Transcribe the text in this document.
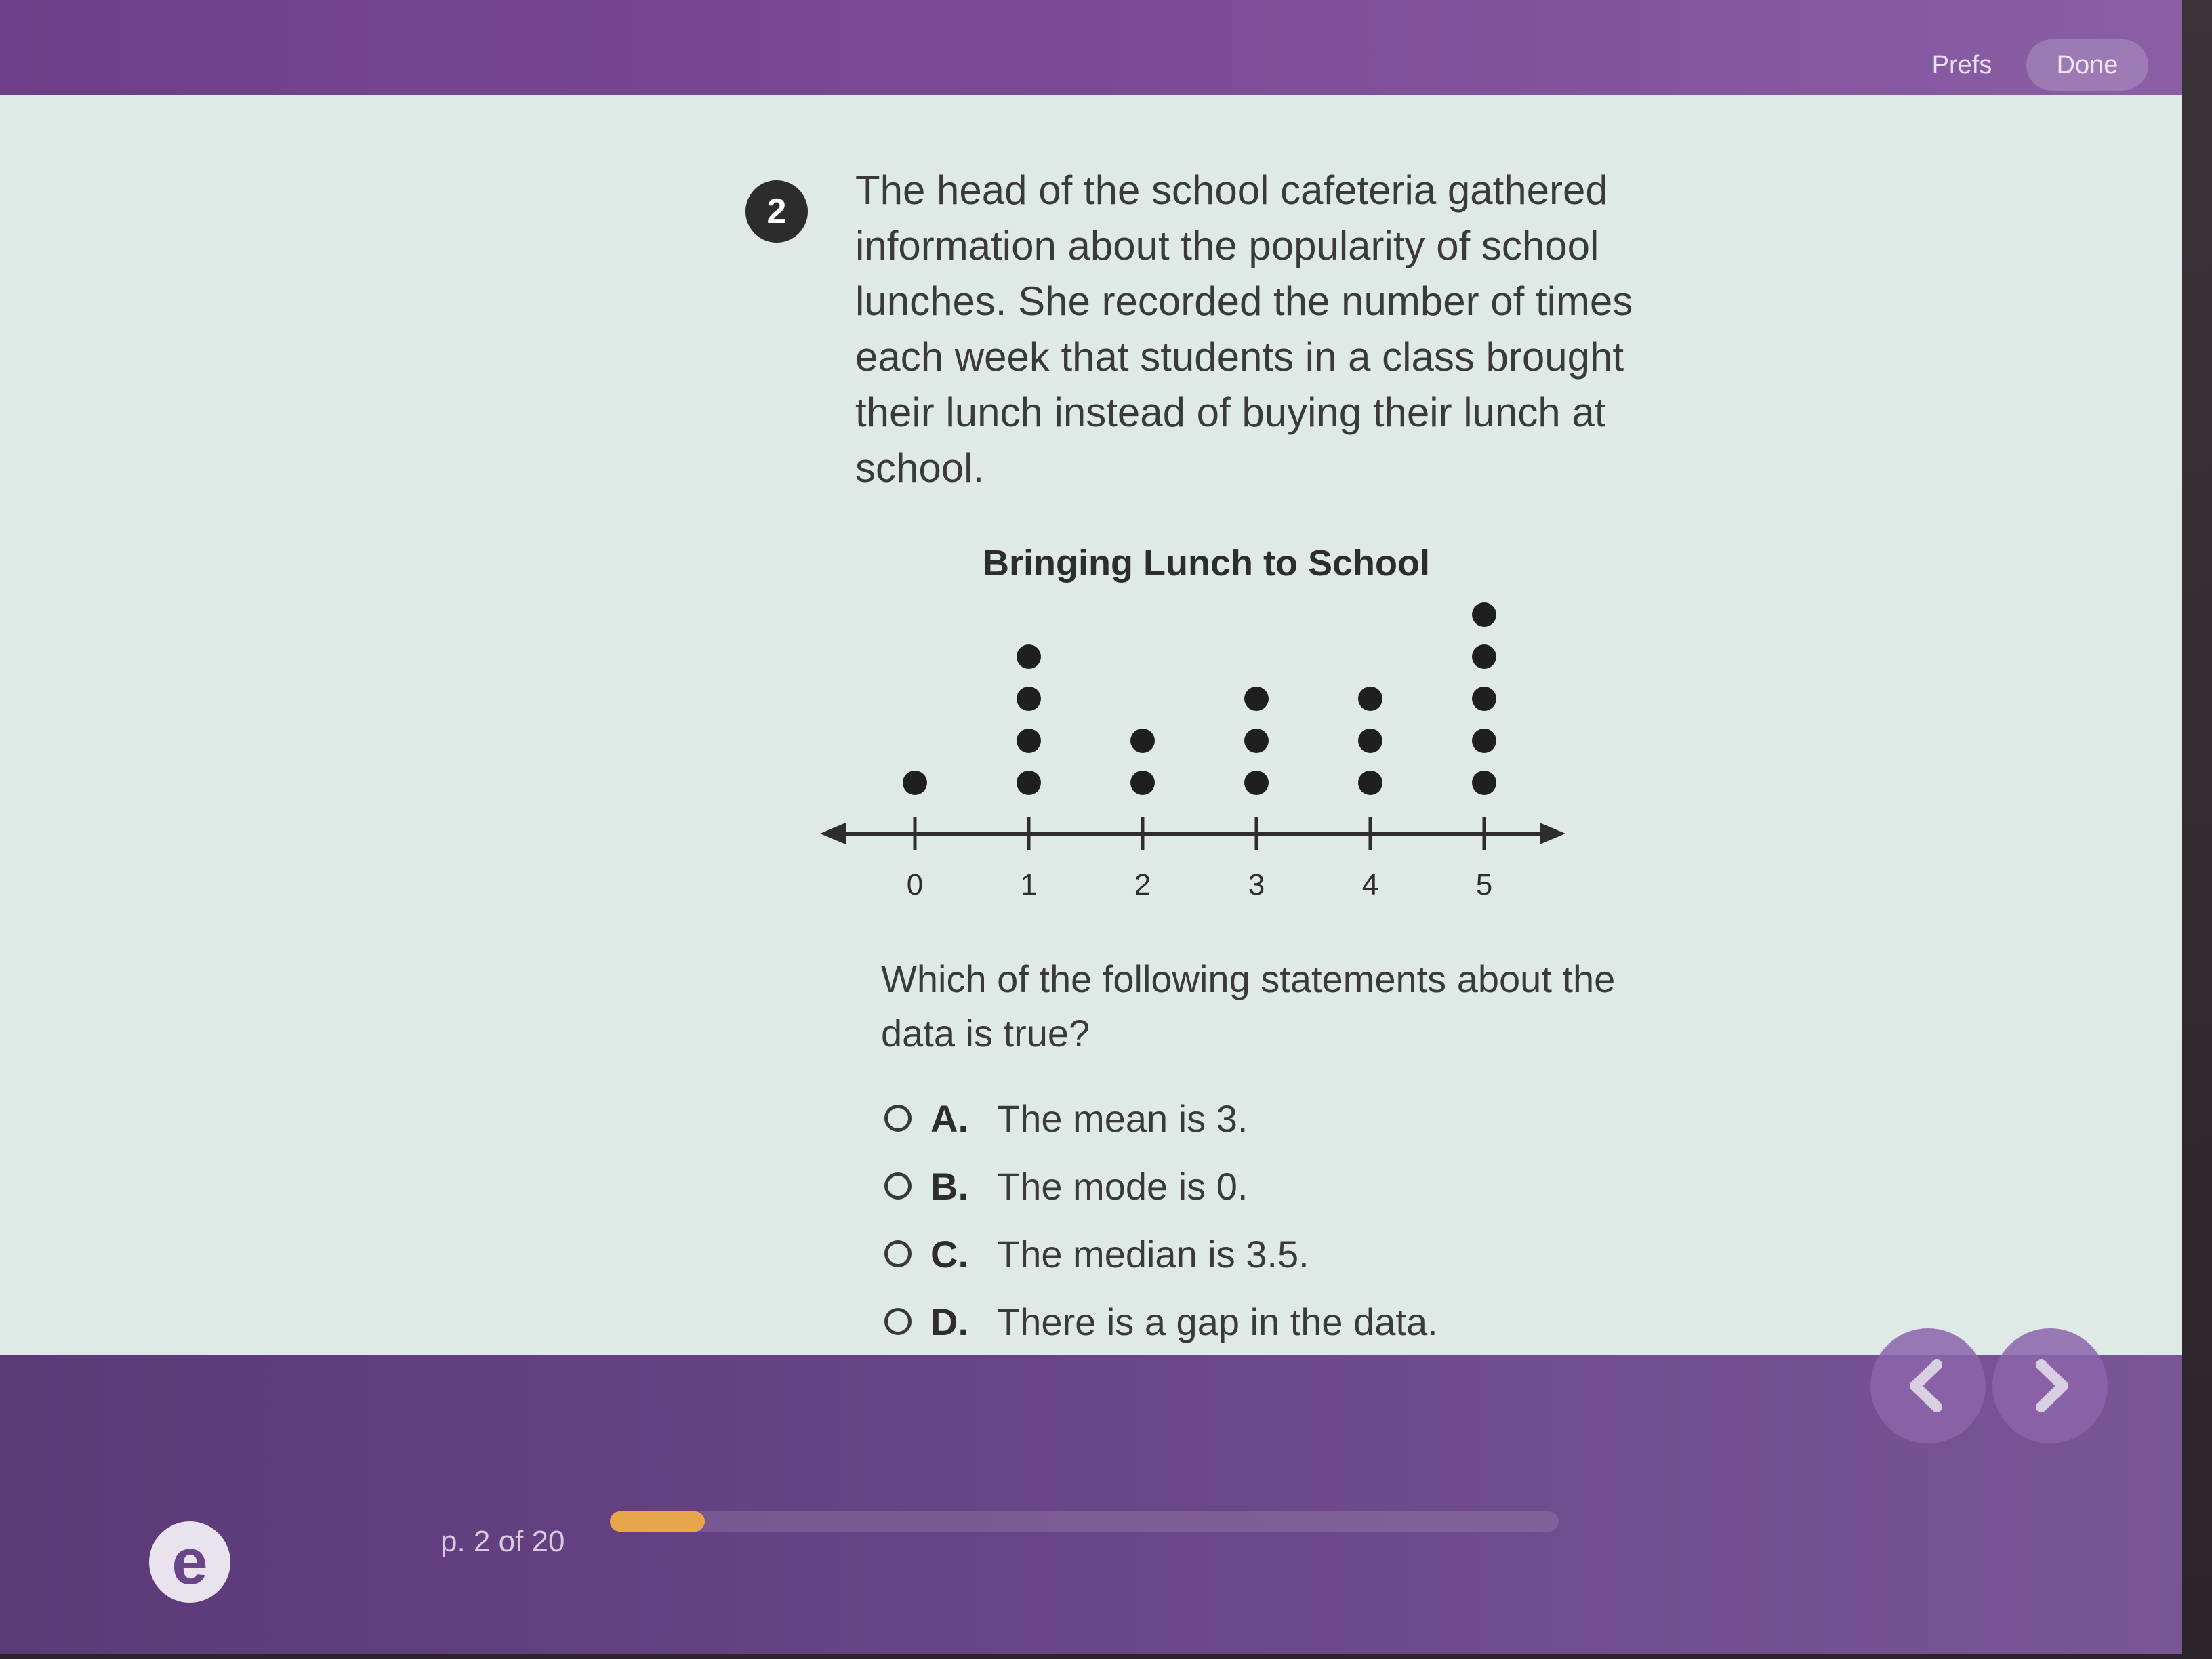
Prefs	Done
2	The head of the school cafeteria gathered information about the popularity of school lunches. She recorded the number of times each week that students in a class brought their lunch instead of buying their lunch at school.
Bringing Lunch to School
0	1	2	3	4	5
Which of the following statements about the data is true?
A. The mean is 3.
B. The mode is 0.
C. The median is 3.5.
D. There is a gap in the data.
e	p. 2 of 20
